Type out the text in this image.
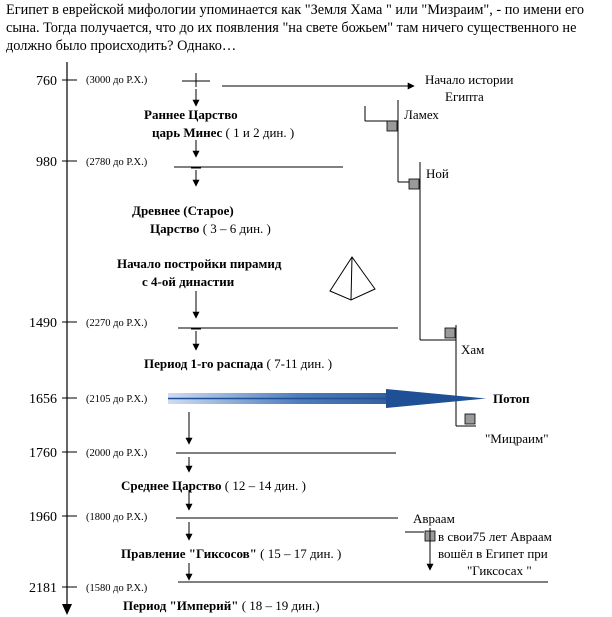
Египет в еврейской мифологии упоминается как "Земля Хама " или "Мизраим", - по имени его сына. Тогда получается, что до их появления "на свете божьем" там ничего существенного не должно было происходить? Однако…

760	(3000 до Р.Х.)
980	(2780 до Р.Х.)
1490	(2270 до Р.Х.)
1656	(2105 до Р.Х.)
1760	(2000 до Р.Х.)
1960	(1800 до Р.Х.)
2181	(1580 до Р.Х.)
Раннее Царство
царь Минес ( 1 и 2 дин. )
Древнее (Старое)
Царство ( 3 – 6 дин. )
Начало постройки пирамид
с 4-ой династии
Период 1-го распада ( 7-11 дин. )
Среднее Царство ( 12 – 14 дин. )
Правление "Гиксосов" ( 15 – 17 дин. )
Период "Империй" ( 18 – 19 дин.)
Начало истории
Египта
Ламех
Ной
Хам
"Мицраим"
Потоп
Авраам
в свои75 лет Авраам
вошёл в Египет при
"Гиксосах "
